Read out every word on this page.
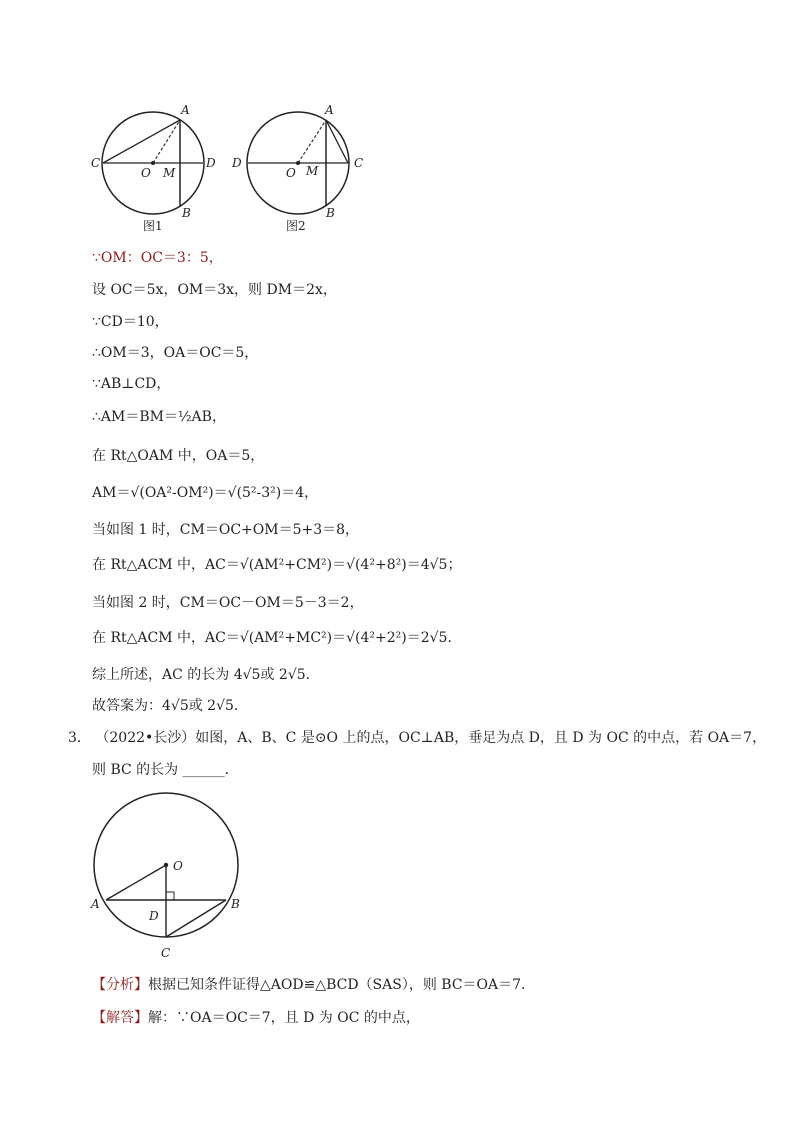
A
C	D
O M
B
图1
A
D	C
O M
B
图2
∵OM：OC＝3：5，
设 OC＝5x，OM＝3x，则 DM＝2x，
∵CD＝10，
∴OM＝3，OA＝OC＝5，
∵AB⊥CD，
∴AM＝BM＝½AB，
在 Rt△OAM 中，OA＝5，
AM＝√(OA²-OM²)＝√(5²-3²)＝4，
当如图 1 时，CM＝OC+OM＝5+3＝8，
在 Rt△ACM 中，AC＝√(AM²+CM²)＝√(4²+8²)＝4√5；
当如图 2 时，CM＝OC－OM＝5－3＝2，
在 Rt△ACM 中，AC＝√(AM²+MC²)＝√(4²+2²)＝2√5．
综上所述，AC 的长为 4√5或 2√5．
故答案为：4√5或 2√5．
3． （2022•长沙）如图，A、B、C 是⊙O 上的点，OC⊥AB，垂足为点 D，且 D 为 OC 的中点，若 OA＝7，
则 BC 的长为 ______．
O
A	B
D
C
【分析】根据已知条件证得△AOD≌△BCD（SAS），则 BC＝OA＝7．
【解答】解：∵OA＝OC＝7，且 D 为 OC 的中点，
